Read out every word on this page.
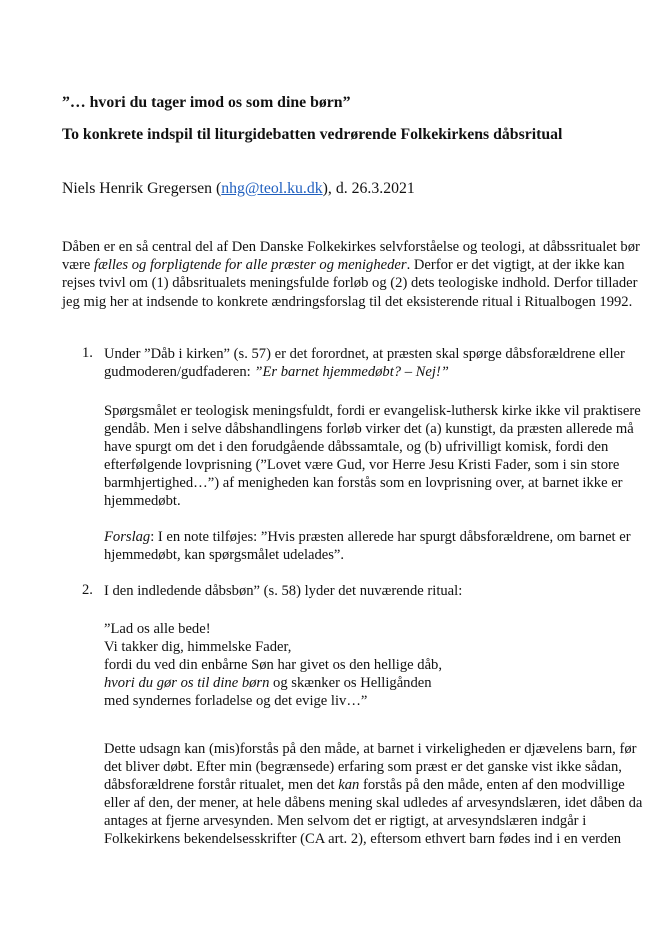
”… hvori du tager imod os som dine børn”
To konkrete indspil til liturgidebatten vedrørende Folkekirkens dåbsritual
Niels Henrik Gregersen (nhg@teol.ku.dk), d. 26.3.2021
Dåben er en så central del af Den Danske Folkekirkes selvforståelse og teologi, at dåbssritualet bør
være fælles og forpligtende for alle præster og menigheder. Derfor er det vigtigt, at der ikke kan
rejses tvivl om (1) dåbsritualets meningsfulde forløb og (2) dets teologiske indhold. Derfor tillader
jeg mig her at indsende to konkrete ændringsforslag til det eksisterende ritual i Ritualbogen 1992.
1. Under ”Dåb i kirken” (s. 57) er det forordnet, at præsten skal spørge dåbsforældrene eller
gudmoderen/gudfaderen: ”Er barnet hjemmedøbt? – Nej!”
Spørgsmålet er teologisk meningsfuldt, fordi er evangelisk-luthersk kirke ikke vil praktisere
gendåb. Men i selve dåbshandlingens forløb virker det (a) kunstigt, da præsten allerede må
have spurgt om det i den forudgående dåbssamtale, og (b) ufrivilligt komisk, fordi den
efterfølgende lovprisning (”Lovet være Gud, vor Herre Jesu Kristi Fader, som i sin store
barmhjertighed…”) af menigheden kan forstås som en lovprisning over, at barnet ikke er
hjemmedøbt.
Forslag: I en note tilføjes: ”Hvis præsten allerede har spurgt dåbsforældrene, om barnet er
hjemmedøbt, kan spørgsmålet udelades”.
2. I den indledende dåbsbøn” (s. 58) lyder det nuværende ritual:
”Lad os alle bede!
Vi takker dig, himmelske Fader,
fordi du ved din enbårne Søn har givet os den hellige dåb,
hvori du gør os til dine børn og skænker os Helligånden
med syndernes forladelse og det evige liv…”
Dette udsagn kan (mis)forstås på den måde, at barnet i virkeligheden er djævelens barn, før
det bliver døbt. Efter min (begrænsede) erfaring som præst er det ganske vist ikke sådan,
dåbsforældrene forstår ritualet, men det kan forstås på den måde, enten af den modvillige
eller af den, der mener, at hele dåbens mening skal udledes af arvesyndslæren, idet dåben da
antages at fjerne arvesynden. Men selvom det er rigtigt, at arvesyndslæren indgår i
Folkekirkens bekendelsesskrifter (CA art. 2), eftersom ethvert barn fødes ind i en verden
